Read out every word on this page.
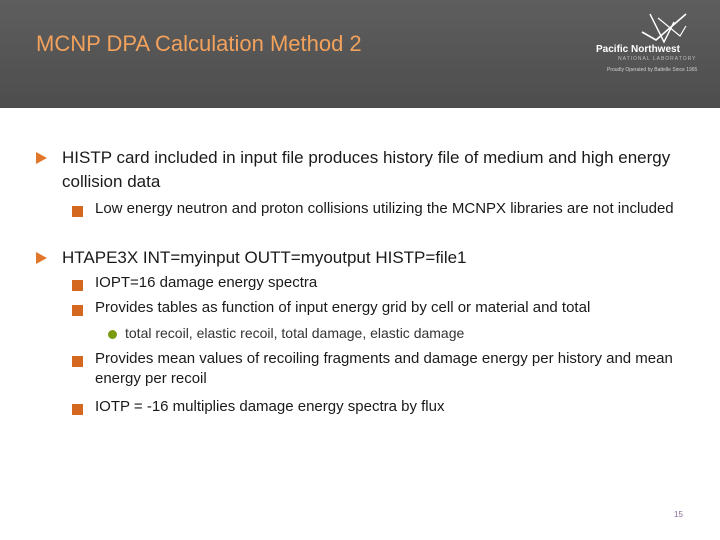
MCNP DPA Calculation Method 2	Pacific Northwest
NATIONAL LABORATORY
Proudly Operated by Battelle Since 1965
HISTP card included in input file produces history file of medium and high energy collision data
Low energy neutron and proton collisions utilizing the MCNPX libraries are not included
HTAPE3X INT=myinput OUTT=myoutput HISTP=file1
IOPT=16 damage energy spectra
Provides tables as function of input energy grid by cell or material and total
total recoil, elastic recoil, total damage, elastic damage
Provides mean values of recoiling fragments and damage energy per history and mean energy per recoil
IOTP = -16 multiplies damage energy spectra by flux
15
